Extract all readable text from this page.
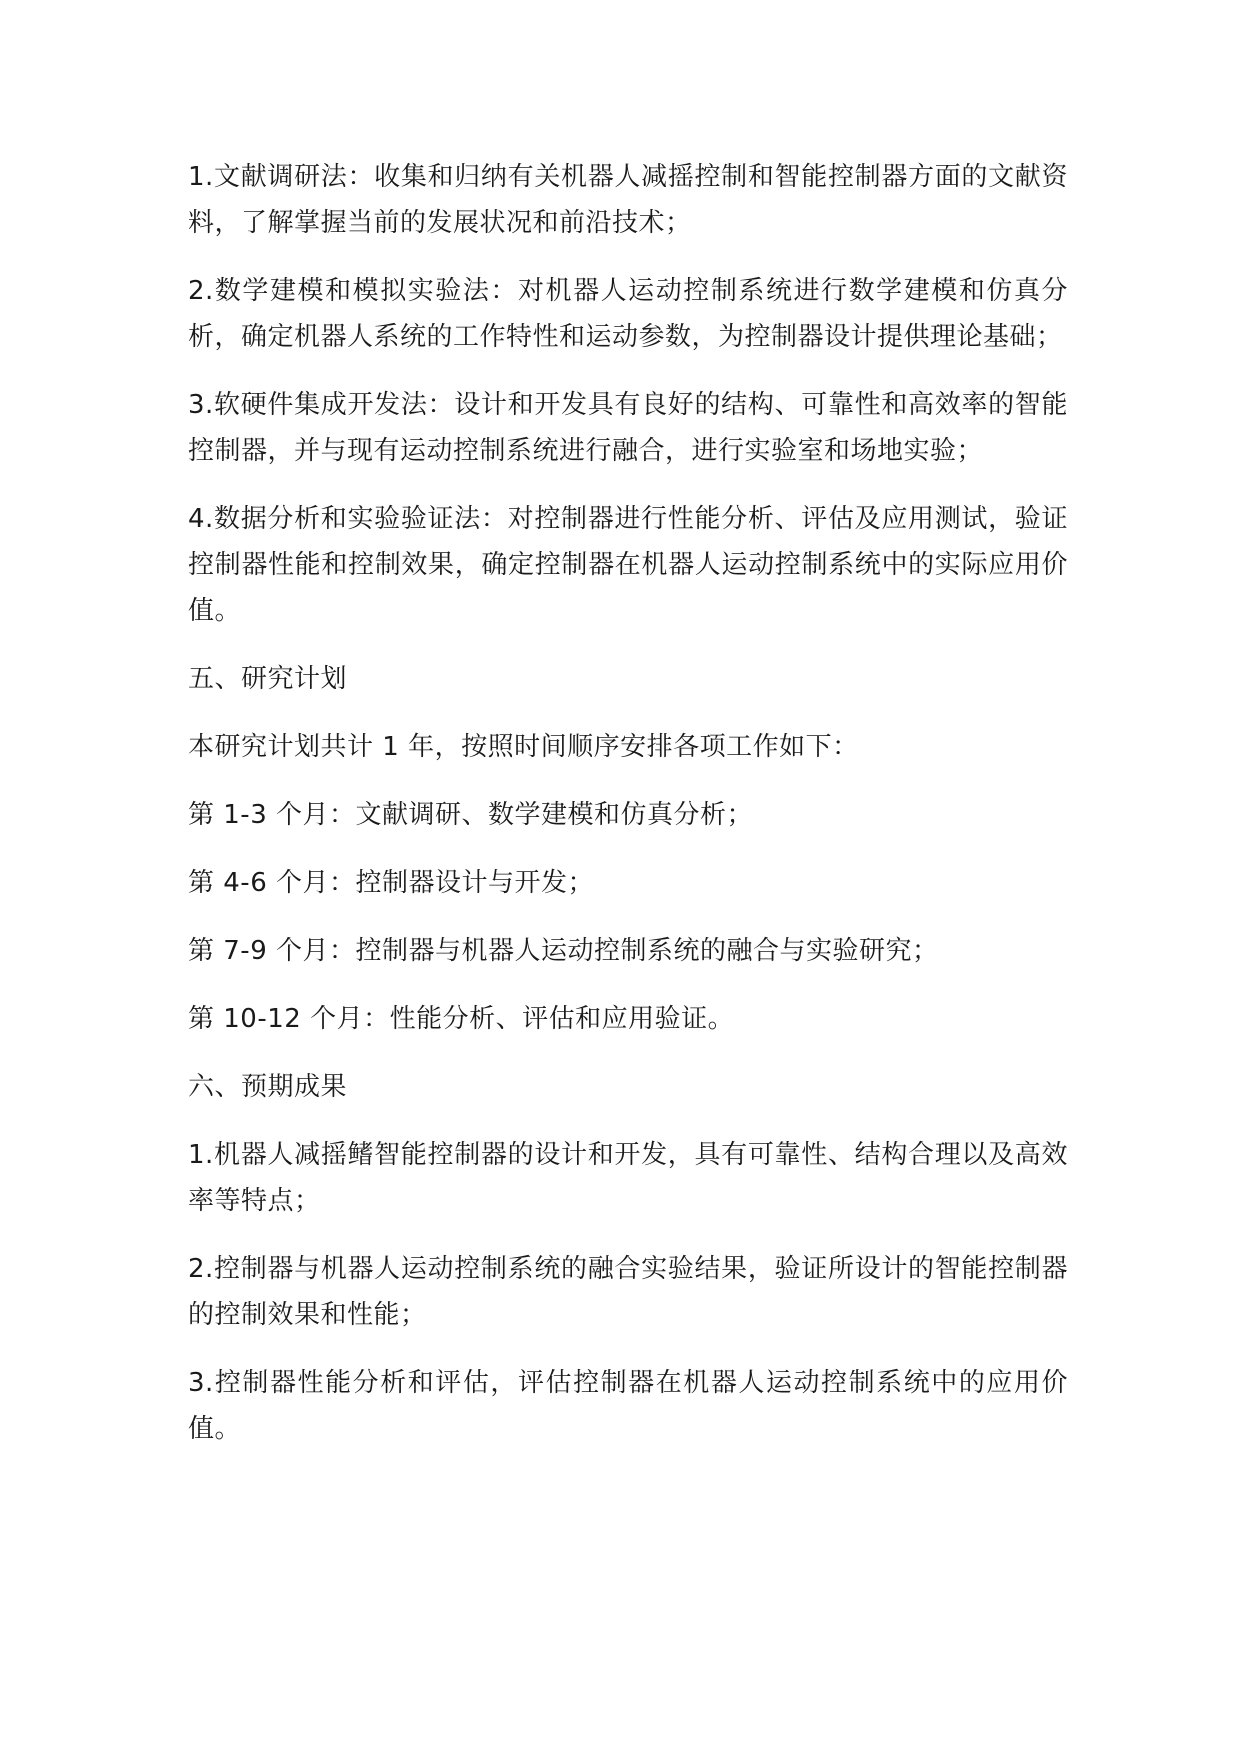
1.文献调研法：收集和归纳有关机器人减摇控制和智能控制器方面的文献资料，了解掌握当前的发展状况和前沿技术；

2.数学建模和模拟实验法：对机器人运动控制系统进行数学建模和仿真分析，确定机器人系统的工作特性和运动参数，为控制器设计提供理论基础；

3.软硬件集成开发法：设计和开发具有良好的结构、可靠性和高效率的智能控制器，并与现有运动控制系统进行融合，进行实验室和场地实验；

4.数据分析和实验验证法：对控制器进行性能分析、评估及应用测试，验证控制器性能和控制效果，确定控制器在机器人运动控制系统中的实际应用价值。

五、研究计划

本研究计划共计 1 年，按照时间顺序安排各项工作如下：

第 1-3 个月：文献调研、数学建模和仿真分析；

第 4-6 个月：控制器设计与开发；

第 7-9 个月：控制器与机器人运动控制系统的融合与实验研究；

第 10-12 个月：性能分析、评估和应用验证。

六、预期成果

1.机器人减摇鳍智能控制器的设计和开发，具有可靠性、结构合理以及高效率等特点；

2.控制器与机器人运动控制系统的融合实验结果，验证所设计的智能控制器的控制效果和性能；

3.控制器性能分析和评估，评估控制器在机器人运动控制系统中的应用价值。
